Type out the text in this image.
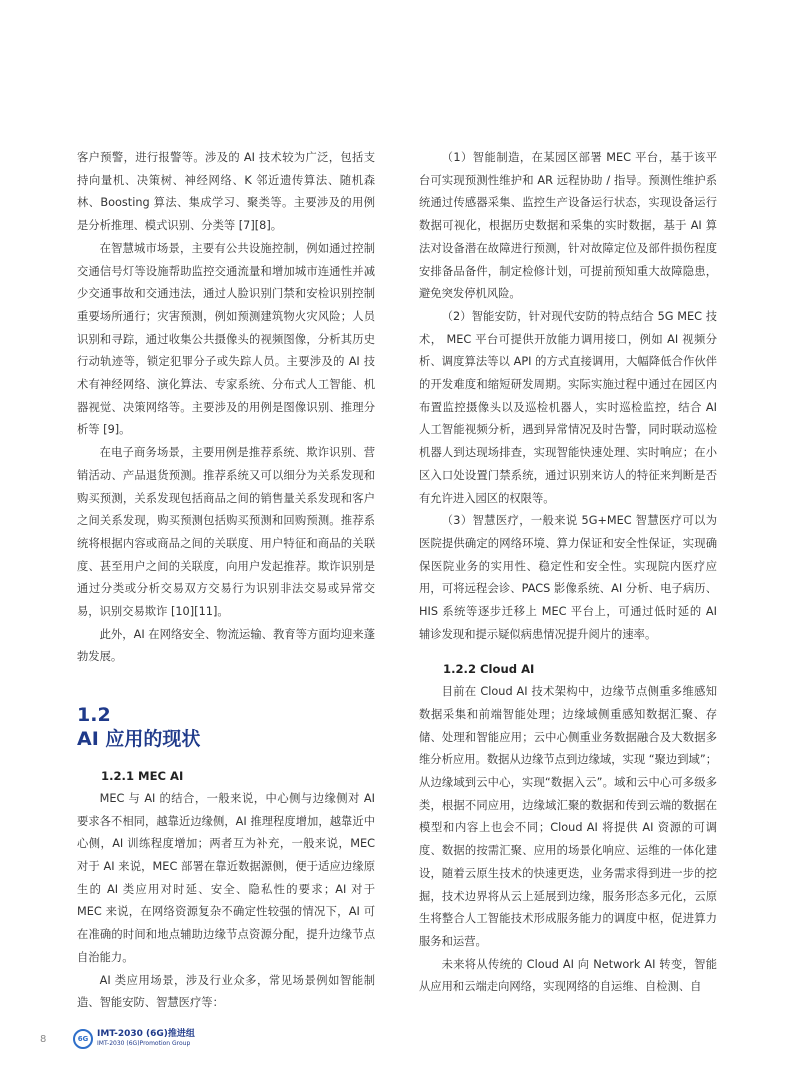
客户预警，进行报警等。涉及的 AI 技术较为广泛，包括支持向量机、决策树、神经网络、K 邻近遗传算法、随机森林、Boosting 算法、集成学习、聚类等。主要涉及的用例是分析推理、模式识别、分类等 [7][8]。

在智慧城市场景，主要有公共设施控制，例如通过控制交通信号灯等设施帮助监控交通流量和增加城市连通性并减少交通事故和交通违法，通过人脸识别门禁和安检识别控制重要场所通行；灾害预测，例如预测建筑物火灾风险；人员识别和寻踪，通过收集公共摄像头的视频图像，分析其历史行动轨迹等，锁定犯罪分子或失踪人员。主要涉及的 AI 技术有神经网络、演化算法、专家系统、分布式人工智能、机器视觉、决策网络等。主要涉及的用例是图像识别、推理分析等 [9]。

在电子商务场景，主要用例是推荐系统、欺诈识别、营销活动、产品退货预测。推荐系统又可以细分为关系发现和购买预测，关系发现包括商品之间的销售量关系发现和客户之间关系发现，购买预测包括购买预测和回购预测。推荐系统将根据内容或商品之间的关联度、用户特征和商品的关联度、甚至用户之间的关联度，向用户发起推荐。欺诈识别是通过分类或分析交易双方交易行为识别非法交易或异常交易，识别交易欺诈 [10][11]。

此外，AI 在网络安全、物流运输、教育等方面均迎来蓬勃发展。

1.2
AI 应用的现状
1.2.1 MEC AI

MEC 与 AI 的结合，一般来说，中心侧与边缘侧对 AI 要求各不相同，越靠近边缘侧，AI 推理程度增加，越靠近中心侧，AI 训练程度增加；两者互为补充，一般来说，MEC 对于 AI 来说，MEC 部署在靠近数据源侧，便于适应边缘原生的 AI 类应用对时延、安全、隐私性的要求；AI 对于 MEC 来说，在网络资源复杂不确定性较强的情况下，AI 可在准确的时间和地点辅助边缘节点资源分配，提升边缘节点自治能力。

AI 类应用场景，涉及行业众多，常见场景例如智能制造、智能安防、智慧医疗等：

（1）智能制造，在某园区部署 MEC 平台，基于该平台可实现预测性维护和 AR 远程协助 / 指导。预测性维护系统通过传感器采集、监控生产设备运行状态，实现设备运行数据可视化，根据历史数据和采集的实时数据，基于 AI 算法对设备潜在故障进行预测，针对故障定位及部件损伤程度安排备品备件，制定检修计划，可提前预知重大故障隐患，避免突发停机风险。

（2）智能安防，针对现代安防的特点结合 5G MEC 技术， MEC 平台可提供开放能力调用接口，例如 AI 视频分析、调度算法等以 API 的方式直接调用，大幅降低合作伙伴的开发难度和缩短研发周期。实际实施过程中通过在园区内布置监控摄像头以及巡检机器人，实时巡检监控，结合 AI 人工智能视频分析，遇到异常情况及时告警，同时联动巡检机器人到达现场排查，实现智能快速处理、实时响应；在小区入口处设置门禁系统，通过识别来访人的特征来判断是否有允许进入园区的权限等。

（3）智慧医疗，一般来说 5G+MEC 智慧医疗可以为医院提供确定的网络环境、算力保证和安全性保证，实现确保医院业务的实用性、稳定性和安全性。实现院内医疗应用，可将远程会诊、PACS 影像系统、AI 分析、电子病历、HIS 系统等逐步迁移上 MEC 平台上，可通过低时延的 AI 辅诊发现和提示疑似病患情况提升阅片的速率。

1.2.2 Cloud AI

目前在 Cloud AI 技术架构中，边缘节点侧重多维感知数据采集和前端智能处理；边缘域侧重感知数据汇聚、存储、处理和智能应用；云中心侧重业务数据融合及大数据多维分析应用。数据从边缘节点到边缘域，实现 “聚边到域”；从边缘域到云中心，实现“数据入云”。域和云中心可多级多类，根据不同应用，边缘域汇聚的数据和传到云端的数据在模型和内容上也会不同；Cloud AI 将提供 AI 资源的可调度、数据的按需汇聚、应用的场景化响应、运维的一体化建设，随着云原生技术的快速更迭，业务需求得到进一步的挖掘，技术边界将从云上延展到边缘，服务形态多元化，云原生将整合人工智能技术形成服务能力的调度中枢，促进算力服务和运营。

未来将从传统的 Cloud AI 向 Network AI 转变，智能从应用和云端走向网络，实现网络的自运维、自检测、自

8	6G IMT-2030 (6G)推进组
IMT-2030 (6G)Promotion Group
